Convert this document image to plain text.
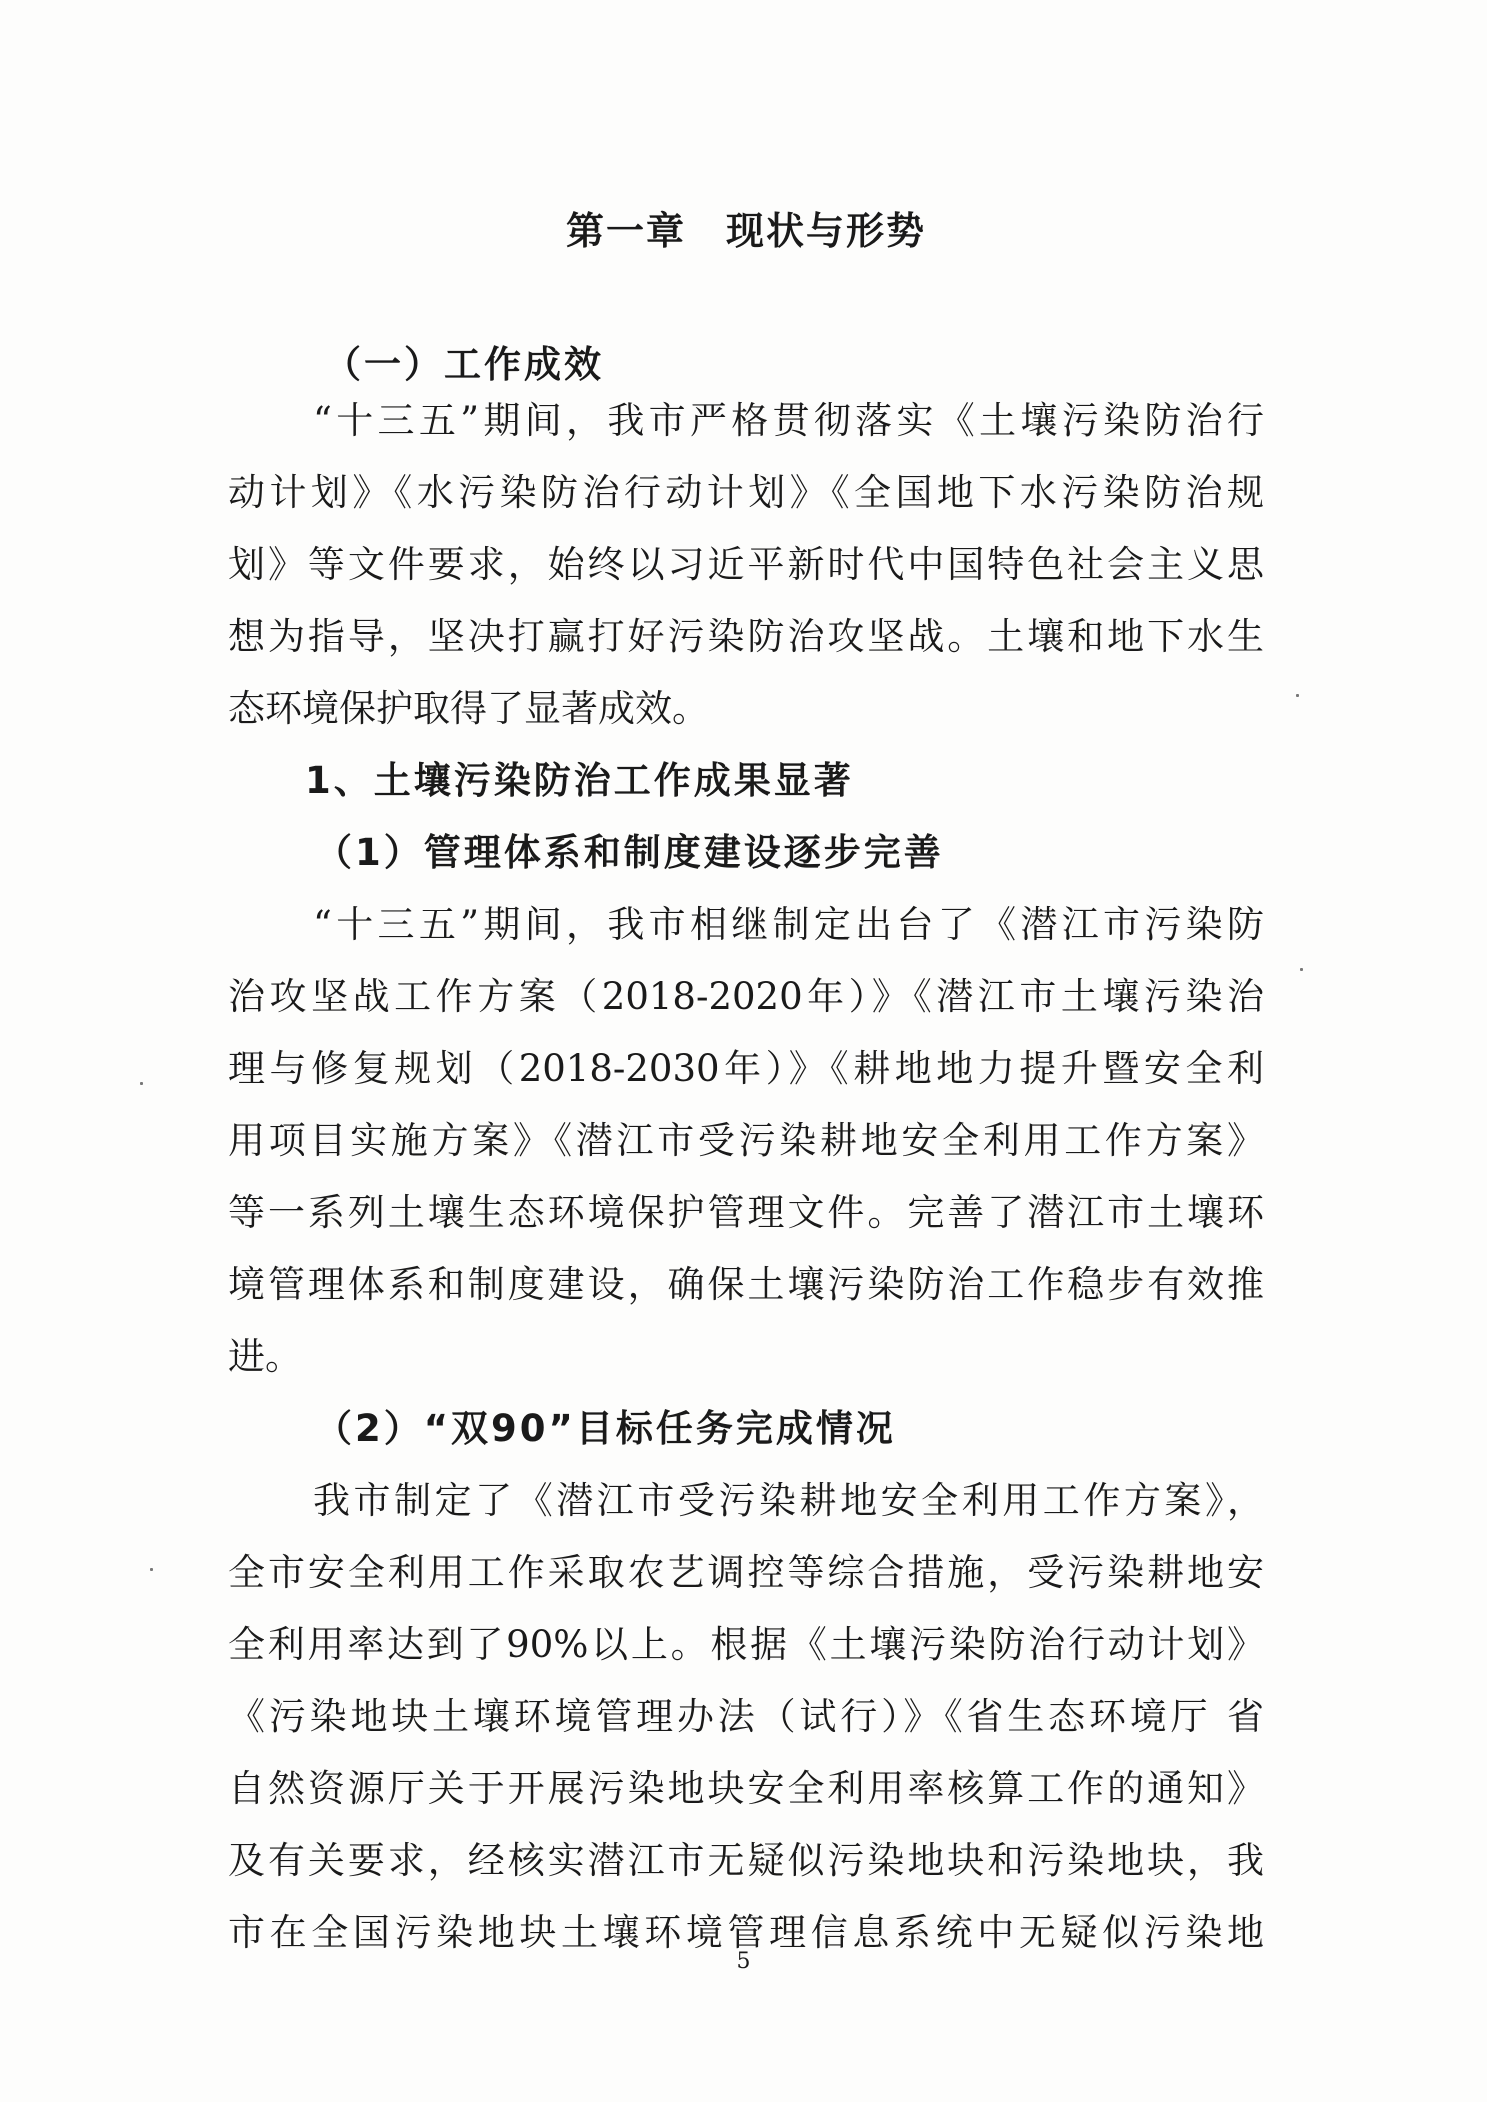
第一章　现状与形势
（一）工作成效
“十三五”期间，我市严格贯彻落实《土壤污染防治行
动计划》《水污染防治行动计划》《全国地下水污染防治规
划》等文件要求，始终以习近平新时代中国特色社会主义思
想为指导，坚决打赢打好污染防治攻坚战。土壤和地下水生
态环境保护取得了显著成效。
1、土壤污染防治工作成果显著
（1）管理体系和制度建设逐步完善
“十三五”期间，我市相继制定出台了《潜江市污染防
治攻坚战工作方案（2018-2020年）》《潜江市土壤污染治
理与修复规划（2018-2030年）》《耕地地力提升暨安全利
用项目实施方案》《潜江市受污染耕地安全利用工作方案》
等一系列土壤生态环境保护管理文件。完善了潜江市土壤环
境管理体系和制度建设，确保土壤污染防治工作稳步有效推
进。
（2）“双90”目标任务完成情况
我市制定了《潜江市受污染耕地安全利用工作方案》，
全市安全利用工作采取农艺调控等综合措施，受污染耕地安
全利用率达到了90%以上。根据《土壤污染防治行动计划》
《污染地块土壤环境管理办法（试行）》《省生态环境厅 省
自然资源厅关于开展污染地块安全利用率核算工作的通知》
及有关要求，经核实潜江市无疑似污染地块和污染地块，我
市在全国污染地块土壤环境管理信息系统中无疑似污染地
5
